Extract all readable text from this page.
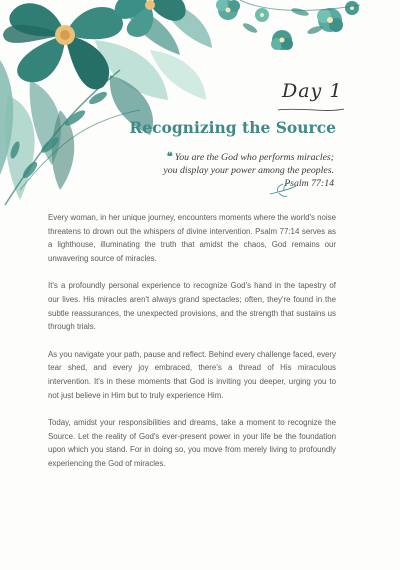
Day 1
Recognizing the Source
❝ You are the God who performs miracles;
you display your power among the peoples.
Psalm 77:14

Every woman, in her unique journey, encounters moments where the world's noise threatens to drown out the whispers of divine intervention. Psalm 77:14 serves as a lighthouse, illuminating the truth that amidst the chaos, God remains our unwavering source of miracles.

It's a profoundly personal experience to recognize God's hand in the tapestry of our lives. His miracles aren't always grand spectacles; often, they're found in the subtle reassurances, the unexpected provisions, and the strength that sustains us through trials.

As you navigate your path, pause and reflect. Behind every challenge faced, every tear shed, and every joy embraced, there's a thread of His miraculous intervention. It's in these moments that God is inviting you deeper, urging you to not just believe in Him but to truly experience Him.

Today, amidst your responsibilities and dreams, take a moment to recognize the Source. Let the reality of God's ever-present power in your life be the foundation upon which you stand. For in doing so, you move from merely living to profoundly experiencing the God of miracles.
